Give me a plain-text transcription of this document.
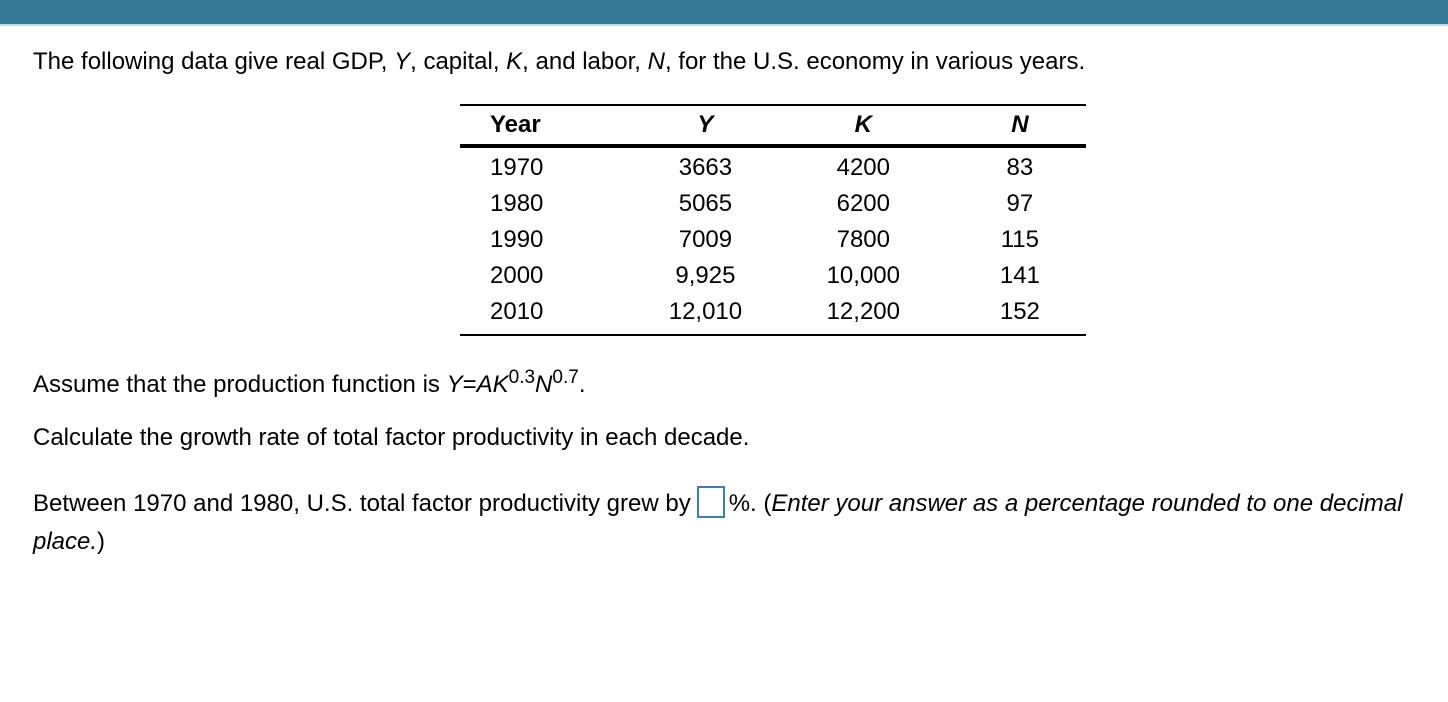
The following data give real GDP, Y, capital, K, and labor, N, for the U.S. economy in various years.
Year	Y	K	N
1970	3663	4200	83
1980	5065	6200	97
1990	7009	7800	115
2000	9,925	10,000	141
2010	12,010	12,200	152
Assume that the production function is $Y=AK^{0.3}N^{0.7}$.
Calculate the growth rate of total factor productivity in each decade.
Between 1970 and 1980, U.S. total factor productivity grew by %. (Enter your answer as a percentage rounded to one decimal place.)
